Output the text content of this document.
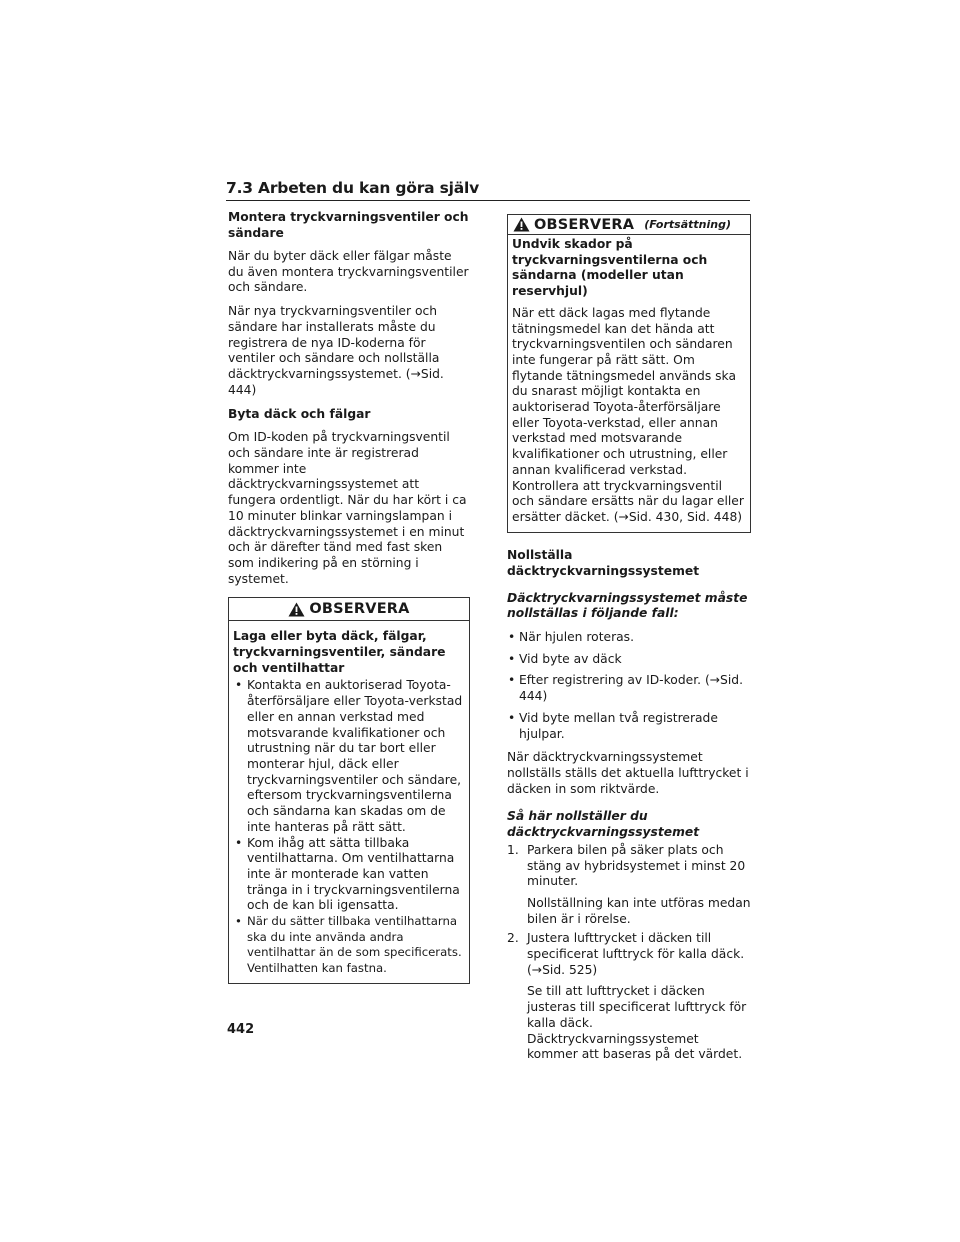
7.3 Arbeten du kan göra själv

Montera tryckvarningsventiler och sändare

När du byter däck eller fälgar måste du även montera tryckvarningsventiler och sändare.

När nya tryckvarningsventiler och sändare har installerats måste du registrera de nya ID-koderna för ventiler och sändare och nollställa däcktryckvarningssystemet. (→Sid. 444)

Byta däck och fälgar

Om ID-koden på tryckvarningsventil och sändare inte är registrerad kommer inte däcktryckvarningssystemet att fungera ordentligt. När du har kört i ca 10 minuter blinkar varningslampan i däcktryckvarningssystemet i en minut och är därefter tänd med fast sken som indikering på en störning i systemet.

OBSERVERA

Laga eller byta däck, fälgar, tryckvarningsventiler, sändare och ventilhattar

• Kontakta en auktoriserad Toyota-återförsäljare eller Toyota-verkstad eller en annan verkstad med motsvarande kvalifikationer och utrustning när du tar bort eller monterar hjul, däck eller tryckvarningsventiler och sändare, eftersom tryckvarningsventilerna och sändarna kan skadas om de inte hanteras på rätt sätt.
• Kom ihåg att sätta tillbaka ventilhattarna. Om ventilhattarna inte är monterade kan vatten tränga in i tryckvarningsventilerna och de kan bli igensatta.
• När du sätter tillbaka ventilhattarna ska du inte använda andra ventilhattar än de som specificerats. Ventilhatten kan fastna.
OBSERVERA (Fortsättning)

Undvik skador på tryckvarningsventilerna och sändarna (modeller utan reservhjul)

När ett däck lagas med flytande tätningsmedel kan det hända att tryckvarningsventilen och sändaren inte fungerar på rätt sätt. Om flytande tätningsmedel används ska du snarast möjligt kontakta en auktoriserad Toyota-återförsäljare eller Toyota-verkstad, eller annan verkstad med motsvarande kvalifikationer och utrustning, eller annan kvalificerad verkstad. Kontrollera att tryckvarningsventil och sändare ersätts när du lagar eller ersätter däcket. (→Sid. 430, Sid. 448)

Nollställa däcktryckvarningssystemet

Däcktryckvarningssystemet måste nollställas i följande fall:

• När hjulen roteras.
• Vid byte av däck
• Efter registrering av ID-koder. (→Sid. 444)
• Vid byte mellan två registrerade hjulpar.

När däcktryckvarningssystemet nollställs ställs det aktuella lufttrycket i däcken in som riktvärde.

Så här nollställer du däcktryckvarningssystemet

1. Parkera bilen på säker plats och stäng av hybridsystemet i minst 20 minuter.
Nollställning kan inte utföras medan bilen är i rörelse.
2. Justera lufttrycket i däcken till specificerat lufttryck för kalla däck. (→Sid. 525)
Se till att lufttrycket i däcken justeras till specificerat lufttryck för kalla däck. Däcktryckvarningssystemet kommer att baseras på det värdet.
442
